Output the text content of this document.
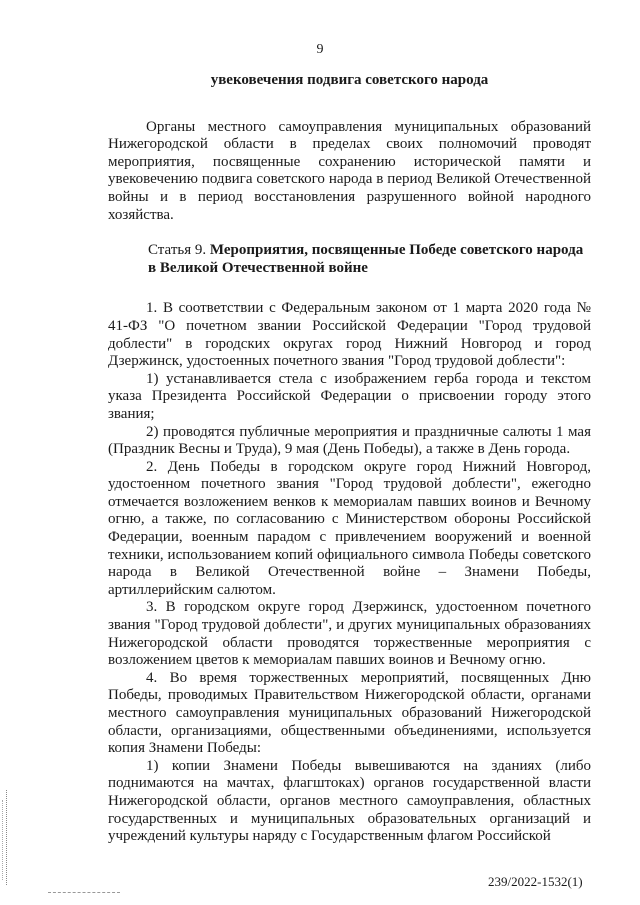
9
увековечения подвига советского народа

Органы местного самоуправления муниципальных образований Нижегородской области в пределах своих полномочий проводят мероприятия, посвященные сохранению исторической памяти и увековечению подвига советского народа в период Великой Отечественной войны и в период восстановления разрушенного войной народного хозяйства.

Статья 9. Мероприятия, посвященные Победе советского народа в Великой Отечественной войне

1. В соответствии с Федеральным законом от 1 марта 2020 года № 41-ФЗ "О почетном звании Российской Федерации "Город трудовой доблести" в городских округах город Нижний Новгород и город Дзержинск, удостоенных почетного звания "Город трудовой доблести":

1) устанавливается стела с изображением герба города и текстом указа Президента Российской Федерации о присвоении городу этого звания;

2) проводятся публичные мероприятия и праздничные салюты 1 мая (Праздник Весны и Труда), 9 мая (День Победы), а также в День города.

2. День Победы в городском округе город Нижний Новгород, удостоенном почетного звания "Город трудовой доблести", ежегодно отмечается возложением венков к мемориалам павших воинов и Вечному огню, а также, по согласованию с Министерством обороны Российской Федерации, военным парадом с привлечением вооружений и военной техники, использованием копий официального символа Победы советского народа в Великой Отечественной войне – Знамени Победы, артиллерийским салютом.

3. В городском округе город Дзержинск, удостоенном почетного звания "Город трудовой доблести", и других муниципальных образованиях Нижегородской области проводятся торжественные мероприятия с возложением цветов к мемориалам павших воинов и Вечному огню.

4. Во время торжественных мероприятий, посвященных Дню Победы, проводимых Правительством Нижегородской области, органами местного самоуправления муниципальных образований Нижегородской области, организациями, общественными объединениями, используется копия Знамени Победы:

1) копии Знамени Победы вывешиваются на зданиях (либо поднимаются на мачтах, флагштоках) органов государственной власти Нижегородской области, органов местного самоуправления, областных государственных и муниципальных образовательных организаций и учреждений культуры наряду с Государственным флагом Российской

239/2022-1532(1)
